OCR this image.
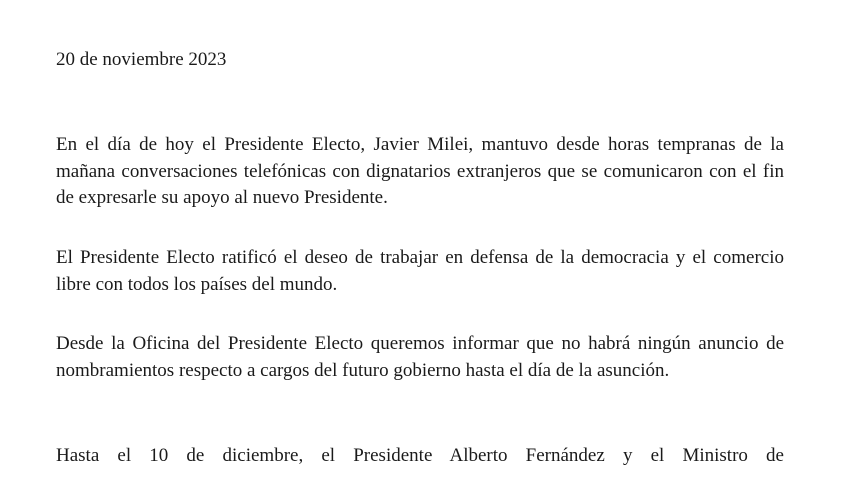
20 de noviembre 2023

En el día de hoy el Presidente Electo, Javier Milei, mantuvo desde horas tempranas de la mañana conversaciones telefónicas con dignatarios extranjeros que se comunicaron con el fin de expresarle su apoyo al nuevo Presidente.

El Presidente Electo ratificó el deseo de trabajar en defensa de la democracia y el comercio libre con todos los países del mundo.

Desde la Oficina del Presidente Electo queremos informar que no habrá ningún anuncio de nombramientos respecto a cargos del futuro gobierno hasta el día de la asunción.

Hasta el 10 de diciembre, el Presidente Alberto Fernández y el Ministro de
